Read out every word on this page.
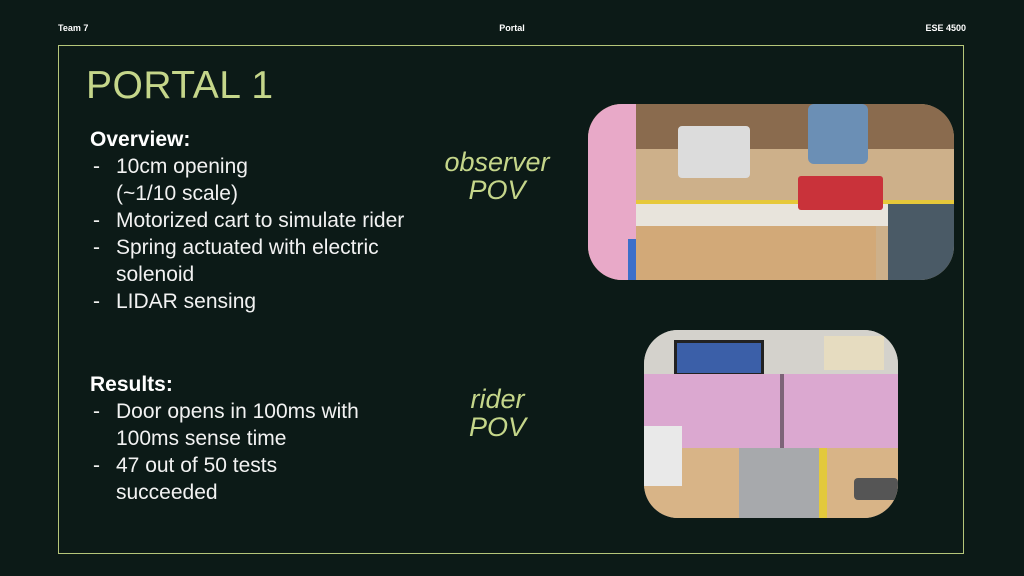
Team 7	Portal	ESE 4500
PORTAL 1
Overview:
- 10cm opening (~1/10 scale)
- Motorized cart to simulate rider
- Spring actuated with electric solenoid
- LIDAR sensing
Results:
- Door opens in 100ms with 100ms sense time
- 47 out of 50 tests succeeded
observer POV
rider POV
